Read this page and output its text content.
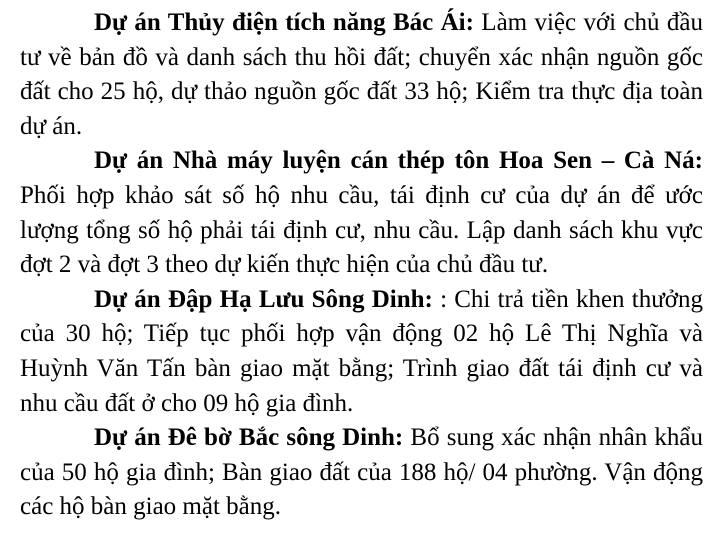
Dự án Thủy điện tích năng Bác Ái: Làm việc với chủ đầu tư về bản đồ và danh sách thu hồi đất; chuyển xác nhận nguồn gốc đất cho 25 hộ, dự thảo nguồn gốc đất 33 hộ; Kiểm tra thực địa toàn dự án.

Dự án Nhà máy luyện cán thép tôn Hoa Sen – Cà Ná: Phối hợp khảo sát số hộ nhu cầu, tái định cư của dự án để ước lượng tổng số hộ phải tái định cư, nhu cầu. Lập danh sách khu vực đợt 2 và đợt 3 theo dự kiến thực hiện của chủ đầu tư.

Dự án Đập Hạ Lưu Sông Dinh: : Chi trả tiền khen thưởng của 30 hộ; Tiếp tục phối hợp vận động 02 hộ Lê Thị Nghĩa và Huỳnh Văn Tấn bàn giao mặt bằng; Trình giao đất tái định cư và nhu cầu đất ở cho 09 hộ gia đình.

Dự án Đê bờ Bắc sông Dinh: Bổ sung xác nhận nhân khẩu của 50 hộ gia đình; Bàn giao đất của 188 hộ/ 04 phường. Vận động các hộ bàn giao mặt bằng.
